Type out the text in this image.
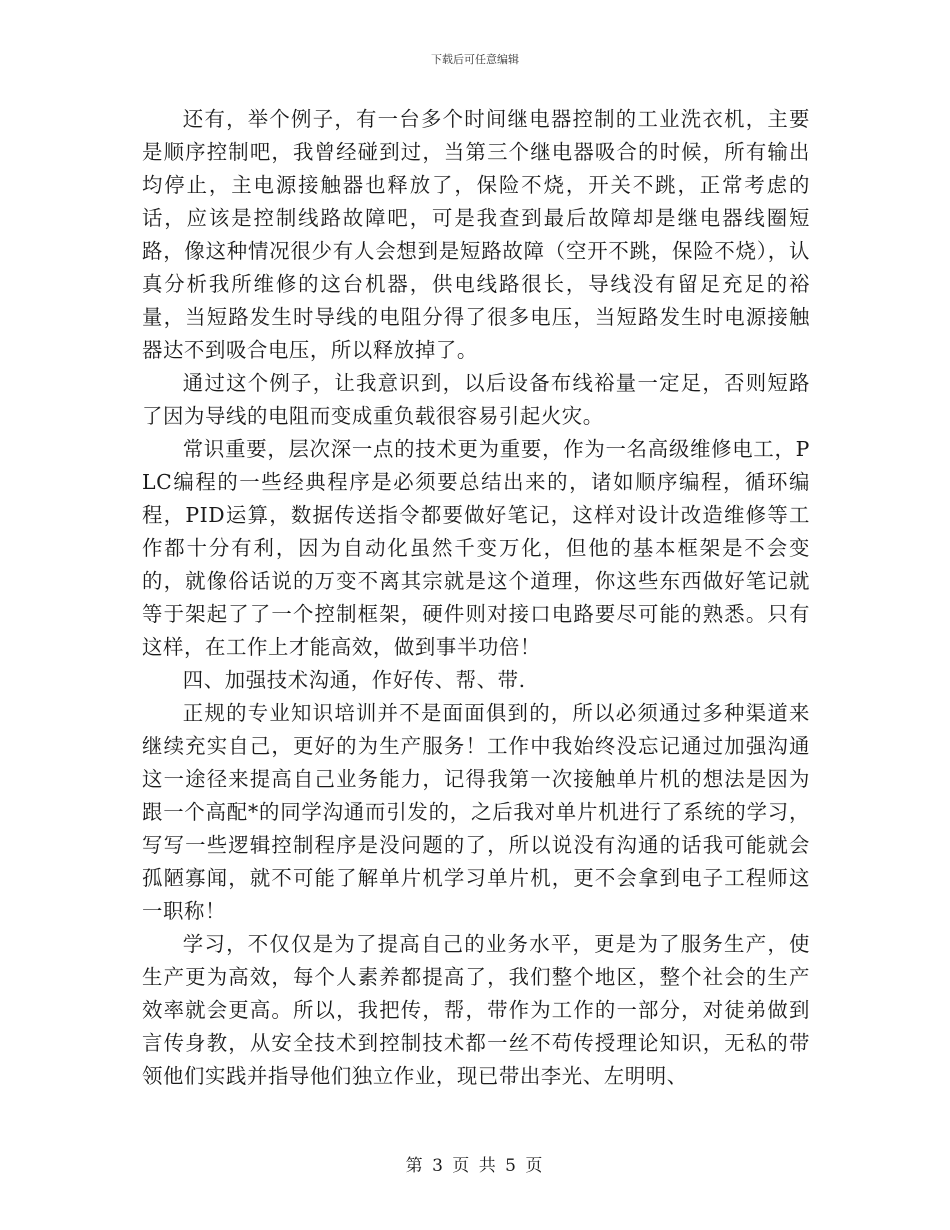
下载后可任意编辑

还有，举个例子，有一台多个时间继电器控制的工业洗衣机，主要是顺序控制吧，我曾经碰到过，当第三个继电器吸合的时候，所有输出均停止，主电源接触器也释放了，保险不烧，开关不跳，正常考虑的话，应该是控制线路故障吧，可是我查到最后故障却是继电器线圈短路，像这种情况很少有人会想到是短路故障（空开不跳，保险不烧），认真分析我所维修的这台机器，供电线路很长，导线没有留足充足的裕量，当短路发生时导线的电阻分得了很多电压，当短路发生时电源接触器达不到吸合电压，所以释放掉了。

通过这个例子，让我意识到，以后设备布线裕量一定足，否则短路了因为导线的电阻而变成重负载很容易引起火灾。

常识重要，层次深一点的技术更为重要，作为一名高级维修电工，PLC编程的一些经典程序是必须要总结出来的，诸如顺序编程，循环编程，PID运算，数据传送指令都要做好笔记，这样对设计改造维修等工作都十分有利，因为自动化虽然千变万化，但他的基本框架是不会变的，就像俗话说的万变不离其宗就是这个道理，你这些东西做好笔记就等于架起了了一个控制框架，硬件则对接口电路要尽可能的熟悉。只有这样，在工作上才能高效，做到事半功倍！

四、加强技术沟通，作好传、帮、带.

正规的专业知识培训并不是面面俱到的，所以必须通过多种渠道来继续充实自己，更好的为生产服务！工作中我始终没忘记通过加强沟通这一途径来提高自己业务能力，记得我第一次接触单片机的想法是因为跟一个高配*的同学沟通而引发的，之后我对单片机进行了系统的学习，写写一些逻辑控制程序是没问题的了，所以说没有沟通的话我可能就会孤陋寡闻，就不可能了解单片机学习单片机，更不会拿到电子工程师这一职称！

学习，不仅仅是为了提高自己的业务水平，更是为了服务生产，使生产更为高效，每个人素养都提高了，我们整个地区，整个社会的生产效率就会更高。所以，我把传，帮，带作为工作的一部分，对徒弟做到言传身教，从安全技术到控制技术都一丝不苟传授理论知识，无私的带领他们实践并指导他们独立作业，现已带出李光、左明明、

第 3 页 共 5 页
